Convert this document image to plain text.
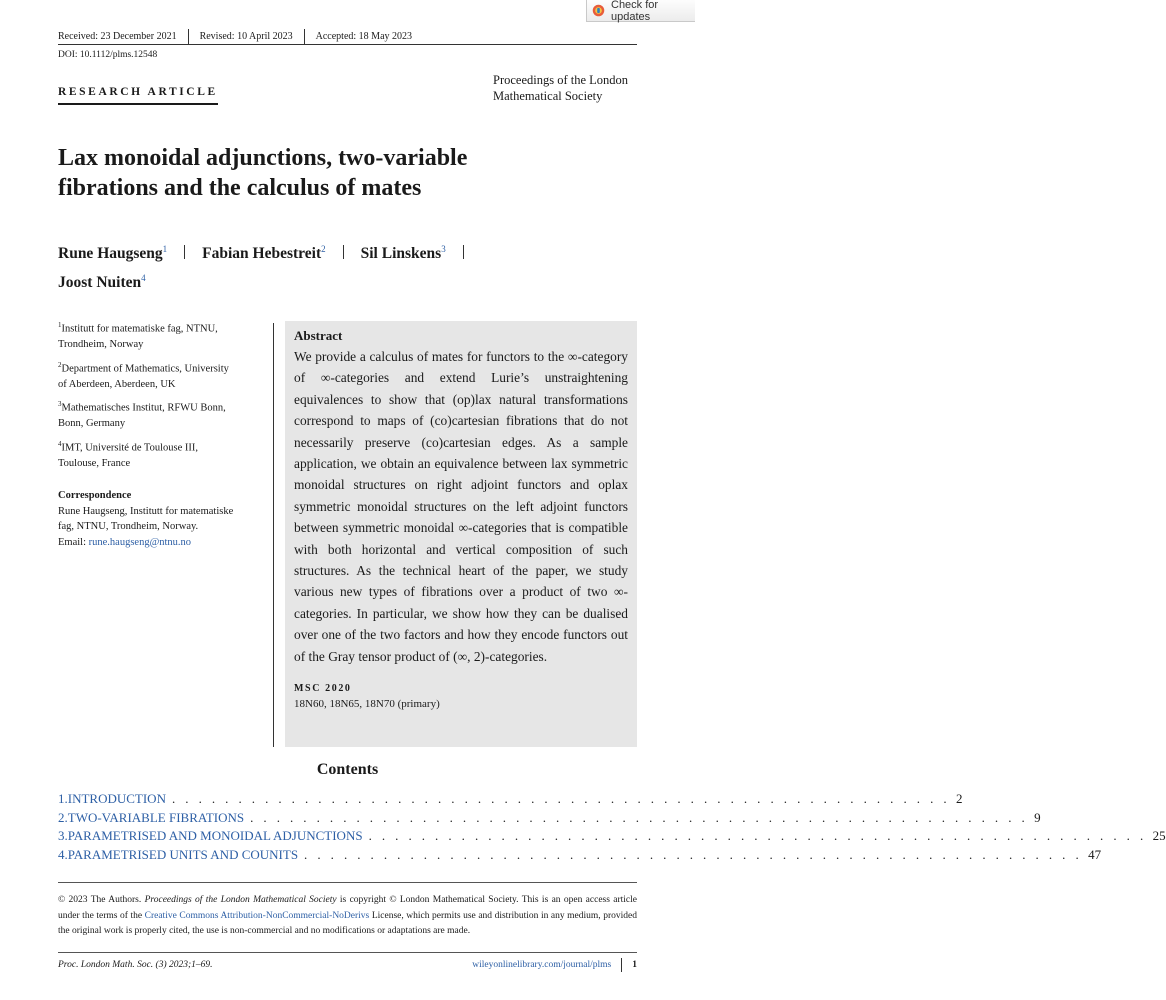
Check for updates
Received: 23 December 2021 Revised: 10 April 2023 Accepted: 18 May 2023
DOI: 10.1112/plms.12548
RESEARCH ARTICLE
Proceedings of the London
Mathematical Society
Lax monoidal adjunctions, two-variable
fibrations and the calculus of mates
Rune Haugseng$^1$ Fabian Hebestreit$^2$ Sil Linskens$^3$
Joost Nuiten$^4$
$^1$Institutt for matematiske fag, NTNU,
Trondheim, Norway
$^2$Department of Mathematics, University
of Aberdeen, Aberdeen, UK
$^3$Mathematisches Institut, RFWU Bonn,
Bonn, Germany
$^4$IMT, Université de Toulouse III,
Toulouse, France
Correspondence
Rune Haugseng, Institutt for matematiske
fag, NTNU, Trondheim, Norway.
Email: rune.haugseng@ntnu.no
Abstract

We provide a calculus of mates for functors to the ∞-category of ∞-categories and extend Lurie’s unstraightening equivalences to show that (op)lax natural transformations correspond to maps of (co)cartesian fibrations that do not necessarily preserve (co)cartesian edges. As a sample application, we obtain an equivalence between lax symmetric monoidal structures on right adjoint functors and oplax symmetric monoidal structures on the left adjoint functors between symmetric monoidal ∞-categories that is compatible with both horizontal and vertical composition of such structures. As the technical heart of the paper, we study various new types of fibrations over a product of two ∞-categories. In particular, we show how they can be dualised over one of the two factors and how they encode functors out of the Gray tensor product of (∞, 2)-categories.

MSC 2020
18N60, 18N65, 18N70 (primary)
Contents
1. INTRODUCTION . . . . . . . . . . . . . . . . . . . . . . . . . . . . . . . . . . . . . . . . . . . . . . . . . . . . . . . . . . . 2
2. TWO-VARIABLE FIBRATIONS . . . . . . . . . . . . . . . . . . . . . . . . . . . . . . . . . . . . . . . . . . . . . . . . . . . . . . . . . . . 9
3. PARAMETRISED AND MONOIDAL ADJUNCTIONS . . . . . . . . . . . . . . . . . . . . . . . . . . . . . . . . . . . . . . . . . . . . . . . . . . . . . . . . . . . 25
4. PARAMETRISED UNITS AND COUNITS . . . . . . . . . . . . . . . . . . . . . . . . . . . . . . . . . . . . . . . . . . . . . . . . . . . . . . . . . . . 47

© 2023 The Authors. Proceedings of the London Mathematical Society is copyright © London Mathematical Society. This is an open access article under the terms of the Creative Commons Attribution-NonCommercial-NoDerivs License, which permits use and distribution in any medium, provided the original work is properly cited, the use is non-commercial and no modifications or adaptations are made.

Proc. London Math. Soc. (3) 2023;1–69.	wileyonlinelibrary.com/journal/plms 1
